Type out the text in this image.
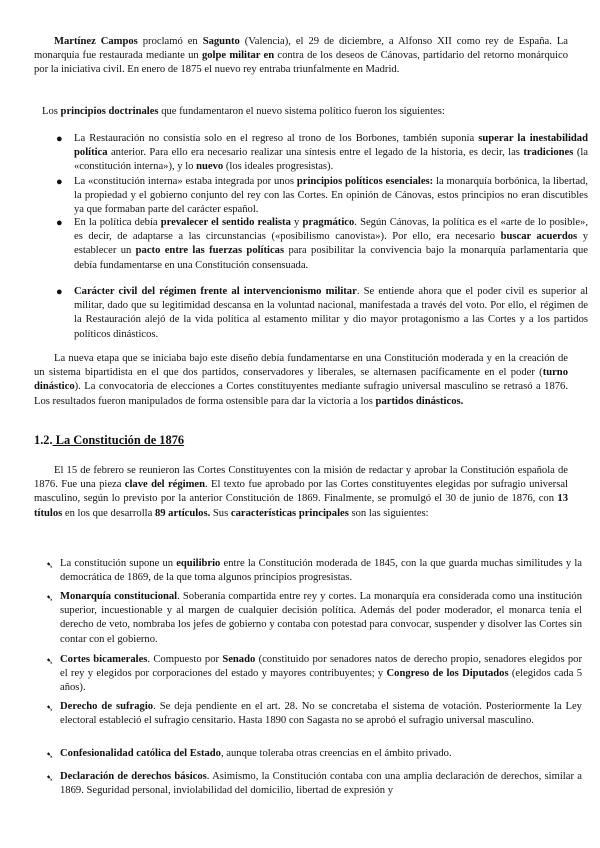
Martínez Campos proclamó en Sagunto (Valencia), el 29 de diciembre, a Alfonso XII como rey de España. La monarquía fue restaurada mediante un golpe militar en contra de los deseos de Cánovas, partidario del retorno monárquico por la iniciativa civil. En enero de 1875 el nuevo rey entraba triunfalmente en Madrid.

Los principios doctrinales que fundamentaron el nuevo sistema político fueron los siguientes:

●	La Restauración no consistía solo en el regreso al trono de los Borbones, también suponía superar la inestabilidad política anterior. Para ello era necesario realizar una síntesis entre el legado de la historia, es decir, las tradiciones (la «constitución interna»), y lo nuevo (los ideales progresistas).
●	La «constitución interna» estaba integrada por unos principios políticos esenciales: la monarquía borbónica, la libertad, la propiedad y el gobierno conjunto del rey con las Cortes. En opinión de Cánovas, estos principios no eran discutibles ya que formaban parte del carácter español.
●	En la política debía prevalecer el sentido realista y pragmático. Según Cánovas, la política es el «arte de lo posible», es decir, de adaptarse a las circunstancias («posibilismo canovista»). Por ello, era necesario buscar acuerdos y establecer un pacto entre las fuerzas políticas para posibilitar la convivencia bajo la monarquía parlamentaria que debía fundamentarse en una Constitución consensuada.
●	Carácter civil del régimen frente al intervencionismo militar. Se entiende ahora que el poder civil es superior al militar, dado que su legitimidad descansa en la voluntad nacional, manifestada a través del voto. Por ello, el régimen de la Restauración alejó de la vida política al estamento militar y dio mayor protagonismo a las Cortes y a los partidos políticos dinásticos.

La nueva etapa que se iniciaba bajo este diseño debía fundamentarse en una Constitución moderada y en la creación de un sistema bipartidista en el que dos partidos, conservadores y liberales, se alternasen pacíficamente en el poder (turno dinástico). La convocatoria de elecciones a Cortes constituyentes mediante sufragio universal masculino se retrasó a 1876. Los resultados fueron manipulados de forma ostensible para dar la victoria a los partidos dinásticos.

1.2. La Constitución de 1876

El 15 de febrero se reunieron las Cortes Constituyentes con la misión de redactar y aprobar la Constitución española de 1876. Fue una pieza clave del régimen. El texto fue aprobado por las Cortes constituyentes elegidas por sufragio universal masculino, según lo previsto por la anterior Constitución de 1869. Finalmente, se promulgó el 30 de junio de 1876, con 13 títulos en los que desarrolla 89 artículos. Sus características principales son las siguientes:

➷ La constitución supone un equilibrio entre la Constitución moderada de 1845, con la que guarda muchas similitudes y la democrática de 1869, de la que toma algunos principios progresistas.
➷ Monarquía constitucional. Soberanía compartida entre rey y cortes. La monarquía era considerada como una institución superior, incuestionable y al margen de cualquier decisión política. Además del poder moderador, el monarca tenía el derecho de veto, nombraba los jefes de gobierno y contaba con potestad para convocar, suspender y disolver las Cortes sin contar con el gobierno.
➷ Cortes bicamerales. Compuesto por Senado (constituido por senadores natos de derecho propio, senadores elegidos por el rey y elegidos por corporaciones del estado y mayores contribuyentes; y Congreso de los Diputados (elegidos cada 5 años).
➷ Derecho de sufragio. Se deja pendiente en el art. 28. No se concretaba el sistema de votación. Posteriormente la Ley electoral estableció el sufragio censitario. Hasta 1890 con Sagasta no se aprobó el sufragio universal masculino.
➷ Confesionalidad católica del Estado, aunque toleraba otras creencias en el ámbito privado.
➷ Declaración de derechos básicos. Asimismo, la Constitución contaba con una amplia declaración de derechos, similar a 1869. Seguridad personal, inviolabilidad del domicilio, libertad de expresión y
